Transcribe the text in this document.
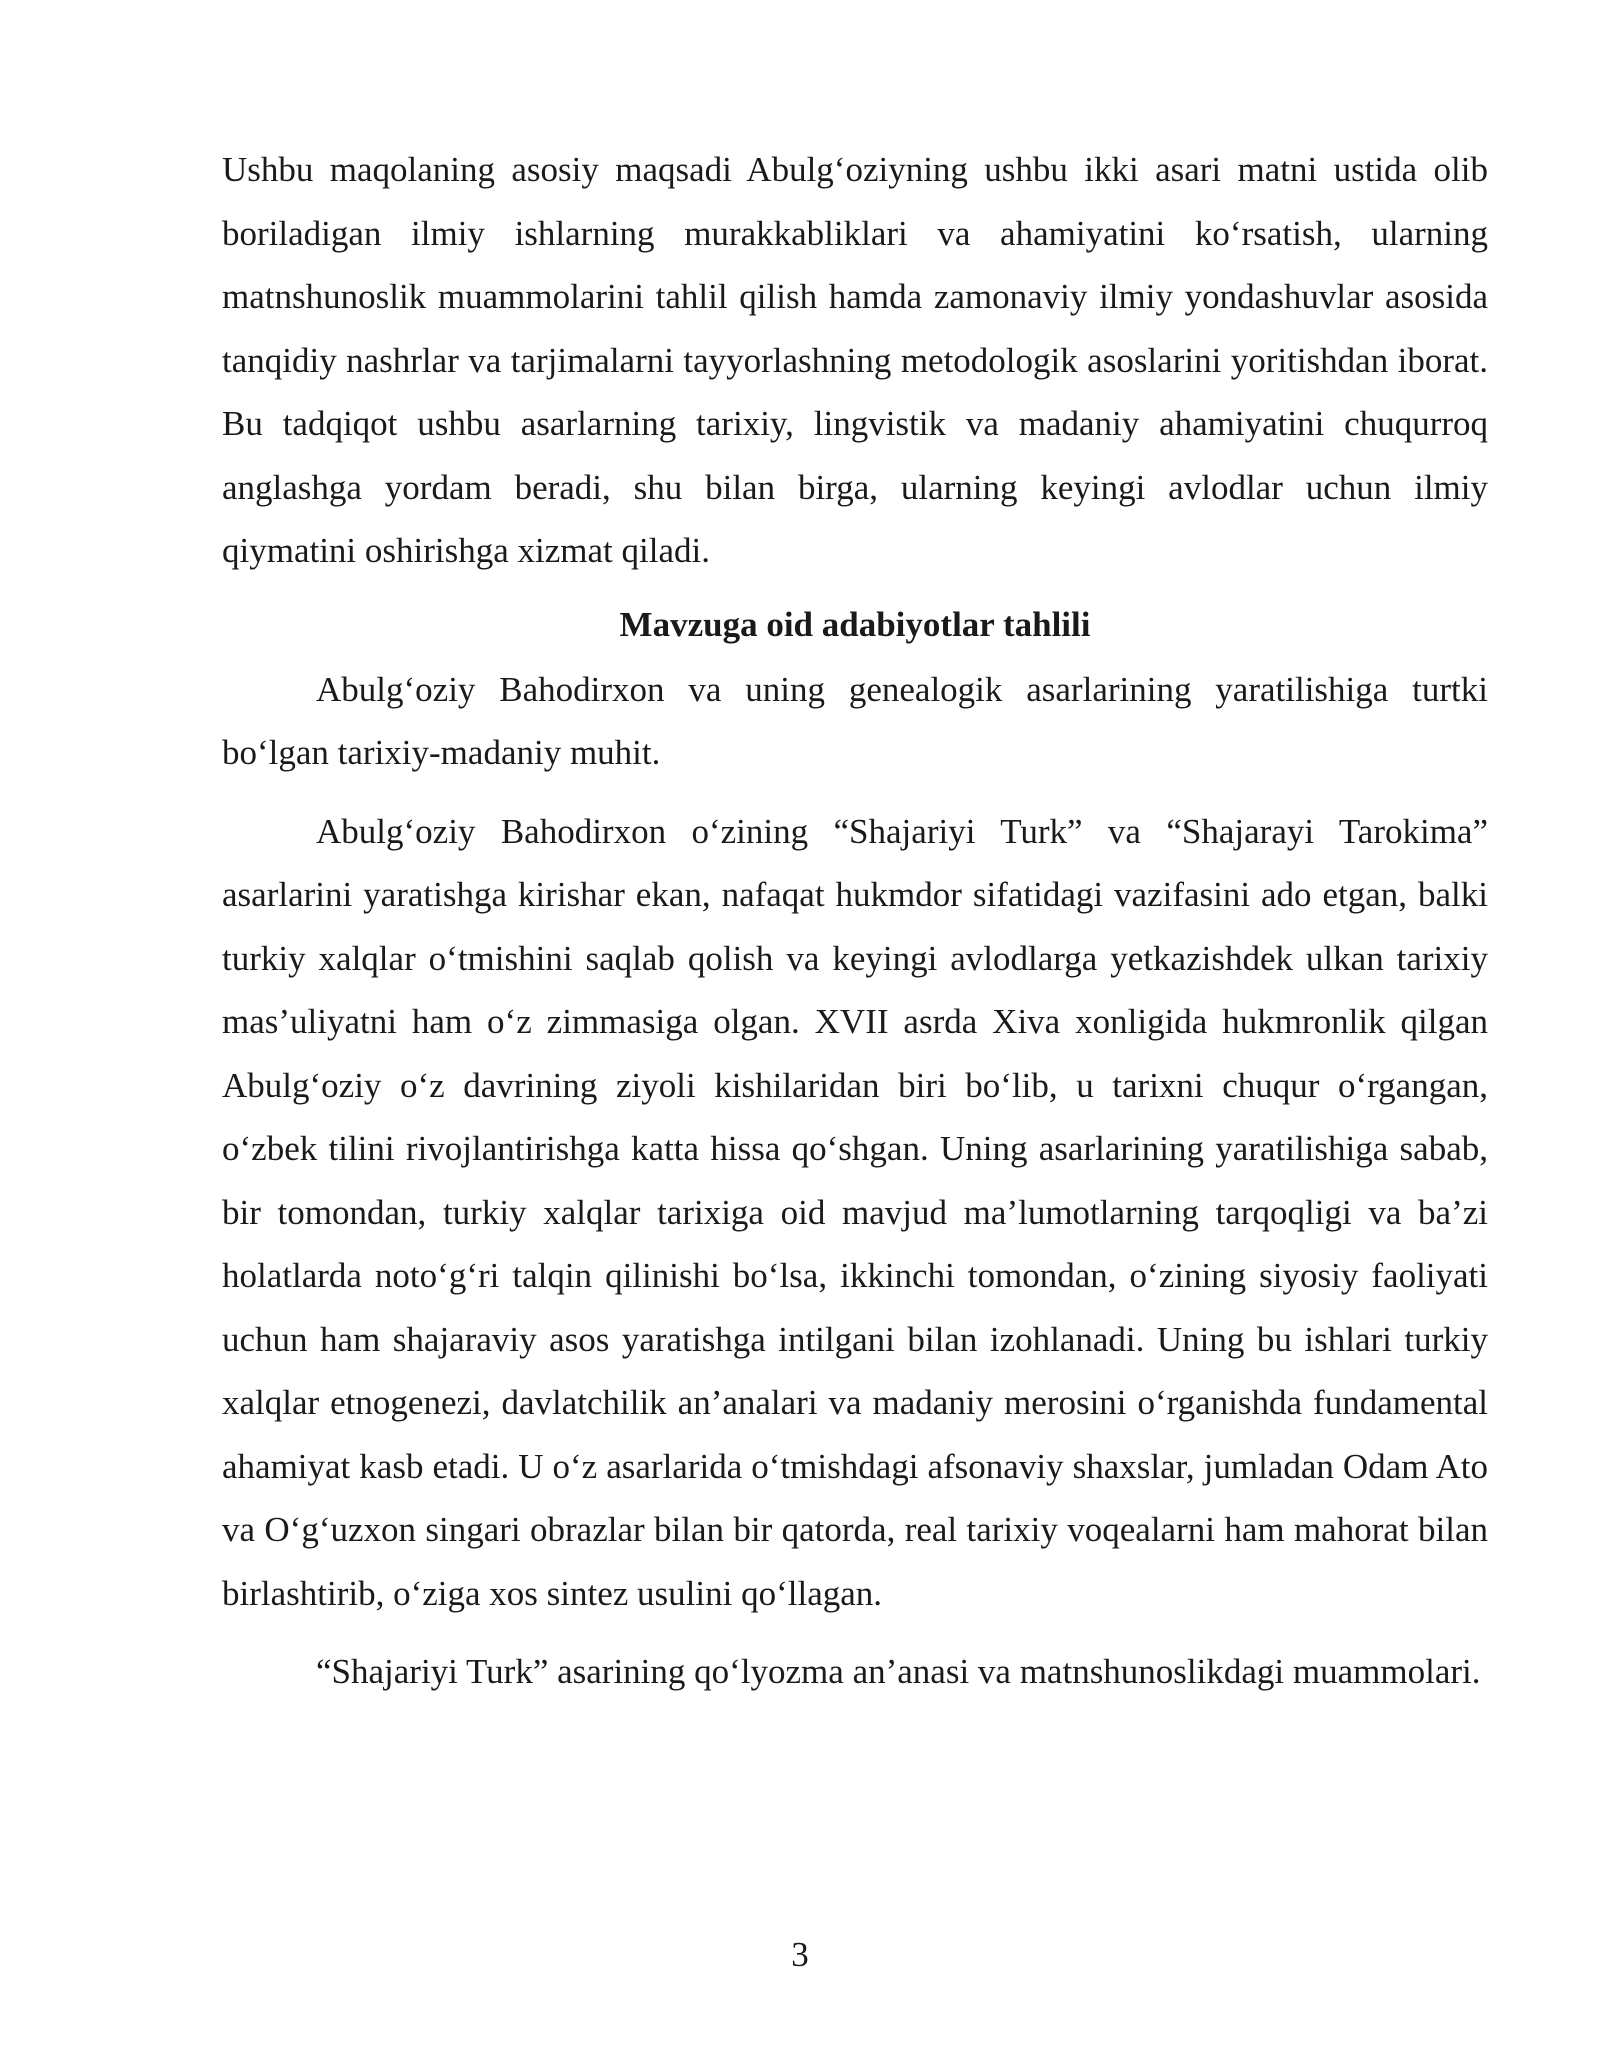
Ushbu maqolaning asosiy maqsadi Abulg‘oziyning ushbu ikki asari matni ustida olib boriladigan ilmiy ishlarning murakkabliklari va ahamiyatini ko‘rsatish, ularning matnshunoslik muammolarini tahlil qilish hamda zamonaviy ilmiy yondashuvlar asosida tanqidiy nashrlar va tarjimalarni tayyorlashning metodologik asoslarini yoritishdan iborat. Bu tadqiqot ushbu asarlarning tarixiy, lingvistik va madaniy ahamiyatini chuqurroq anglashga yordam beradi, shu bilan birga, ularning keyingi avlodlar uchun ilmiy qiymatini oshirishga xizmat qiladi.

Mavzuga oid adabiyotlar tahlili

Abulg‘oziy Bahodirxon va uning genealogik asarlarining yaratilishiga turtki bo‘lgan tarixiy-madaniy muhit.

Abulg‘oziy Bahodirxon o‘zining “Shajariyi Turk” va “Shajarayi Tarokima” asarlarini yaratishga kirishar ekan, nafaqat hukmdor sifatidagi vazifasini ado etgan, balki turkiy xalqlar o‘tmishini saqlab qolish va keyingi avlodlarga yetkazishdek ulkan tarixiy mas’uliyatni ham o‘z zimmasiga olgan. XVII asrda Xiva xonligida hukmronlik qilgan Abulg‘oziy o‘z davrining ziyoli kishilaridan biri bo‘lib, u tarixni chuqur o‘rgangan, o‘zbek tilini rivojlantirishga katta hissa qo‘shgan. Uning asarlarining yaratilishiga sabab, bir tomondan, turkiy xalqlar tarixiga oid mavjud ma’lumotlarning tarqoqligi va ba’zi holatlarda noto‘g‘ri talqin qilinishi bo‘lsa, ikkinchi tomondan, o‘zining siyosiy faoliyati uchun ham shajaraviy asos yaratishga intilgani bilan izohlanadi. Uning bu ishlari turkiy xalqlar etnogenezi, davlatchilik an’analari va madaniy merosini o‘rganishda fundamental ahamiyat kasb etadi. U o‘z asarlarida o‘tmishdagi afsonaviy shaxslar, jumladan Odam Ato va O‘g‘uzxon singari obrazlar bilan bir qatorda, real tarixiy voqealarni ham mahorat bilan birlashtirib, o‘ziga xos sintez usulini qo‘llagan.

“Shajariyi Turk” asarining qo‘lyozma an’anasi va matnshunoslikdagi muammolari.

3
